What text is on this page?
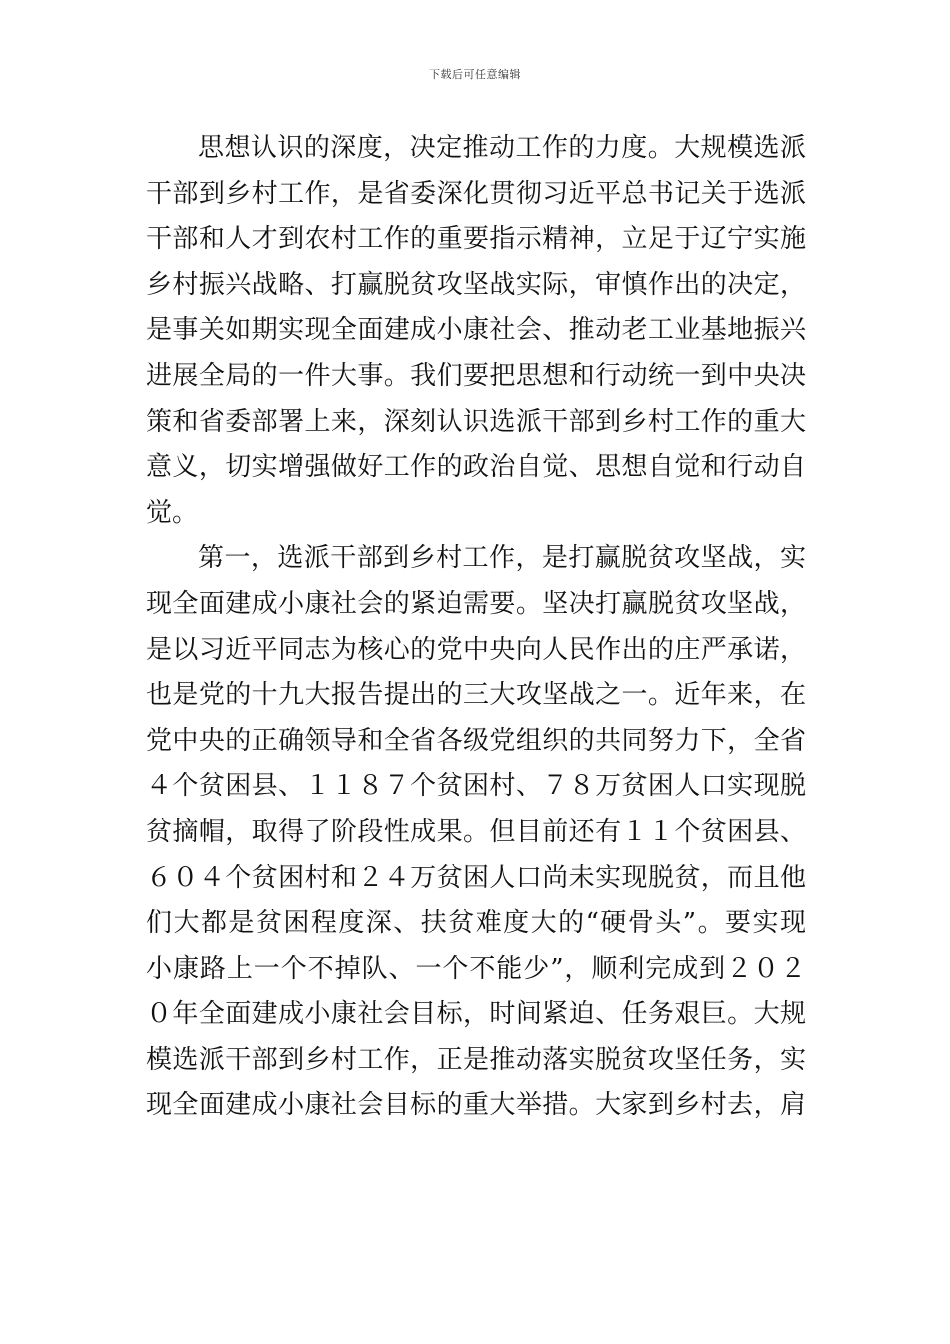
下载后可任意编辑
思想认识的深度，决定推动工作的力度。大规模选派
干部到乡村工作，是省委深化贯彻习近平总书记关于选派
干部和人才到农村工作的重要指示精神，立足于辽宁实施
乡村振兴战略、打赢脱贫攻坚战实际，审慎作出的决定，
是事关如期实现全面建成小康社会、推动老工业基地振兴
进展全局的一件大事。我们要把思想和行动统一到中央决
策和省委部署上来，深刻认识选派干部到乡村工作的重大
意义，切实增强做好工作的政治自觉、思想自觉和行动自
觉。
第一，选派干部到乡村工作，是打赢脱贫攻坚战，实
现全面建成小康社会的紧迫需要。坚决打赢脱贫攻坚战，
是以习近平同志为核心的党中央向人民作出的庄严承诺，
也是党的十九大报告提出的三大攻坚战之一。近年来，在
党中央的正确领导和全省各级党组织的共同努力下，全省
４个贫困县、１１８７个贫困村、７８万贫困人口实现脱
贫摘帽，取得了阶段性成果。但目前还有１１个贫困县、
６０４个贫困村和２４万贫困人口尚未实现脱贫，而且他
们大都是贫困程度深、扶贫难度大的“硬骨头”。要实现
小康路上一个不掉队、一个不能少”，顺利完成到２０２
０年全面建成小康社会目标，时间紧迫、任务艰巨。大规
模选派干部到乡村工作，正是推动落实脱贫攻坚任务，实
现全面建成小康社会目标的重大举措。大家到乡村去，肩
